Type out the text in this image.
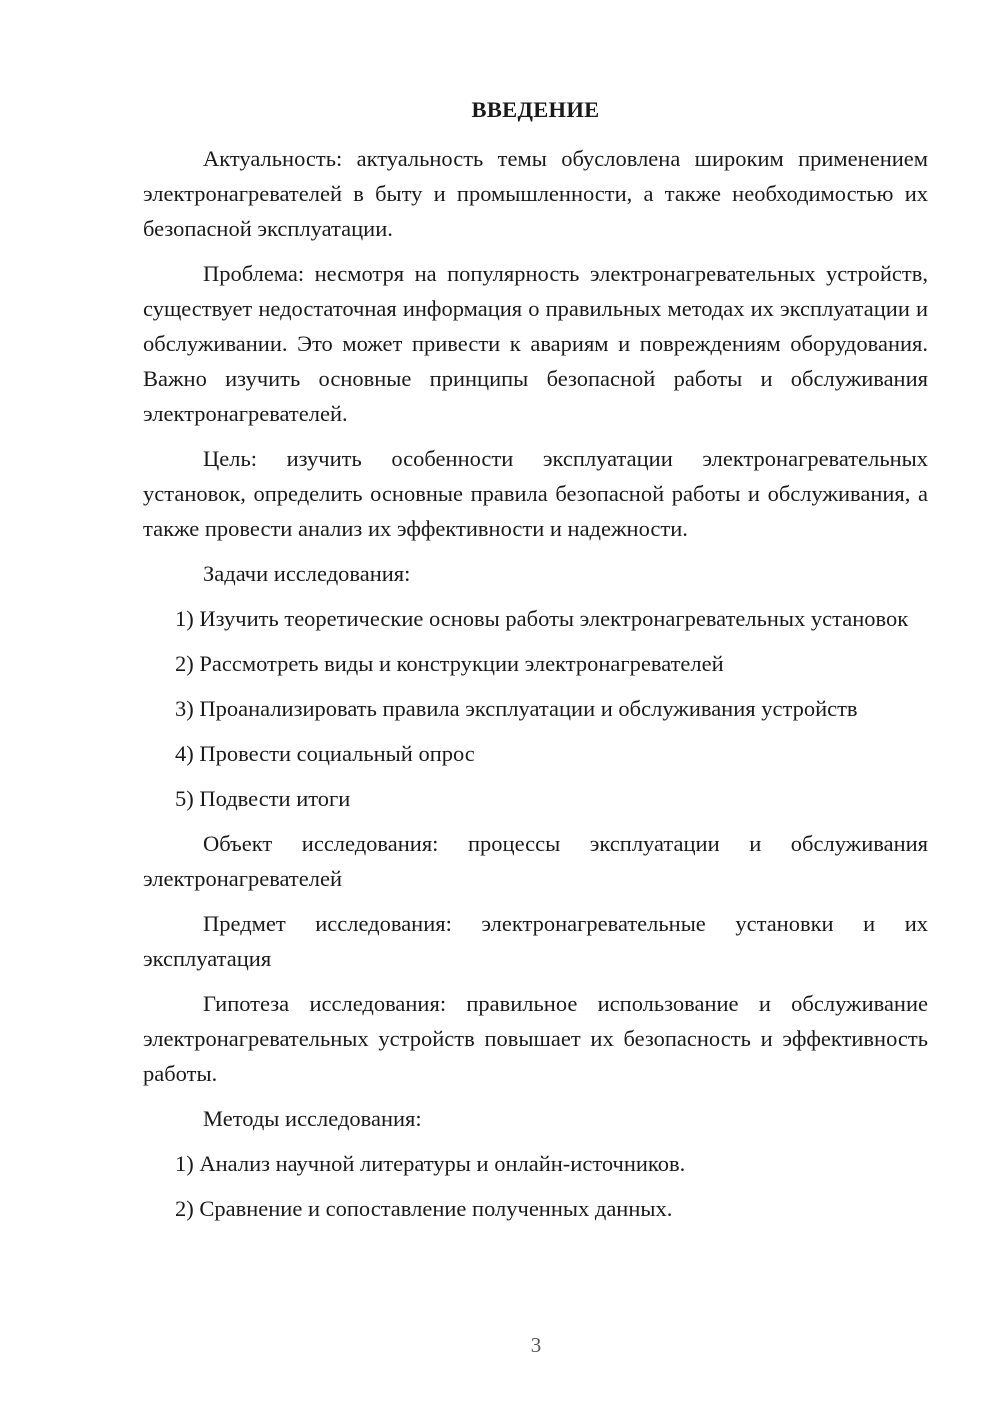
ВВЕДЕНИЕ
Актуальность: актуальность темы обусловлена широким применением электронагревателей в быту и промышленности, а также необходимостью их безопасной эксплуатации.
Проблема: несмотря на популярность электронагревательных устройств, существует недостаточная информация о правильных методах их эксплуатации и обслуживании. Это может привести к авариям и повреждениям оборудования. Важно изучить основные принципы безопасной работы и обслуживания электронагревателей.
Цель: изучить особенности эксплуатации электронагревательных установок, определить основные правила безопасной работы и обслуживания, а также провести анализ их эффективности и надежности.
Задачи исследования:
1) Изучить теоретические основы работы электронагревательных установок
2) Рассмотреть виды и конструкции электронагревателей
3) Проанализировать правила эксплуатации и обслуживания устройств
4) Провести социальный опрос
5) Подвести итоги
Объект исследования: процессы эксплуатации и обслуживания электронагревателей
Предмет исследования: электронагревательные установки и их эксплуатация
Гипотеза исследования: правильное использование и обслуживание электронагревательных устройств повышает их безопасность и эффективность работы.
Методы исследования:
1) Анализ научной литературы и онлайн-источников.
2) Сравнение и сопоставление полученных данных.
3
